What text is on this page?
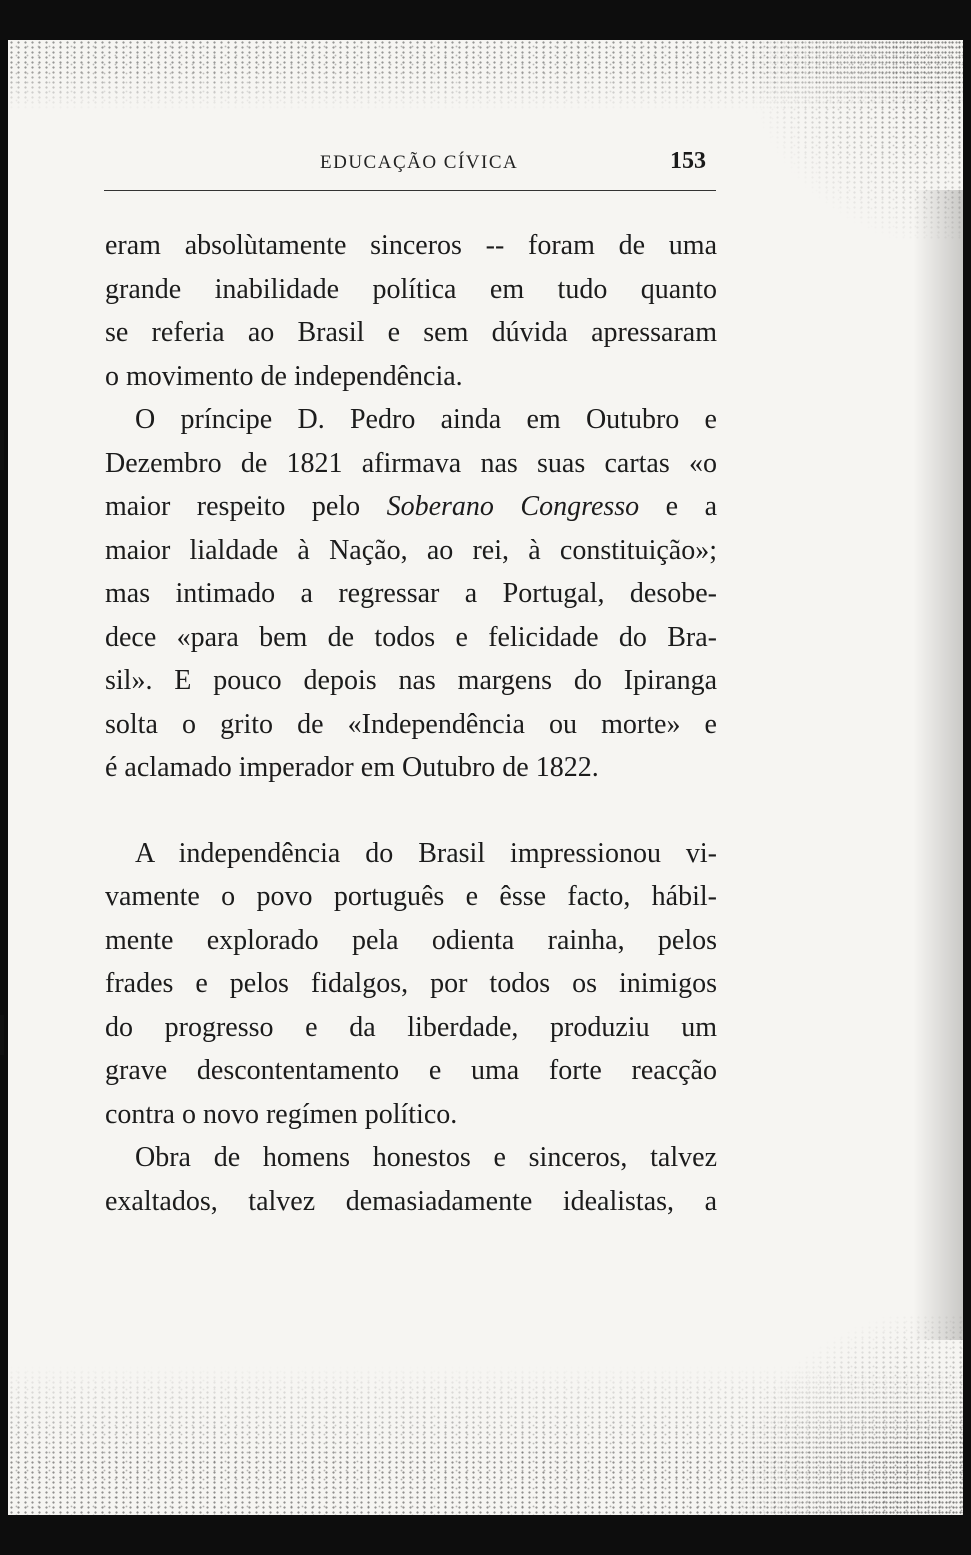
EDUCAÇÃO CÍVICA	153
eram absolùtamente sinceros -- foram de uma
grande inabilidade política em tudo quanto
se referia ao Brasil e sem dúvida apressaram
o movimento de independência.
O príncipe D. Pedro ainda em Outubro e
Dezembro de 1821 afirmava nas suas cartas «o
maior respeito pelo Soberano Congresso e a
maior lialdade à Nação, ao rei, à constituição»;
mas intimado a regressar a Portugal, desobe-
dece «para bem de todos e felicidade do Bra-
sil». E pouco depois nas margens do Ipiranga
solta o grito de «Independência ou morte» e
é aclamado imperador em Outubro de 1822.
A independência do Brasil impressionou vi-
vamente o povo português e êsse facto, hábil-
mente explorado pela odienta rainha, pelos
frades e pelos fidalgos, por todos os inimigos
do progresso e da liberdade, produziu um
grave descontentamento e uma forte reacção
contra o novo regímen político.
Obra de homens honestos e sinceros, talvez
exaltados, talvez demasiadamente idealistas, a
